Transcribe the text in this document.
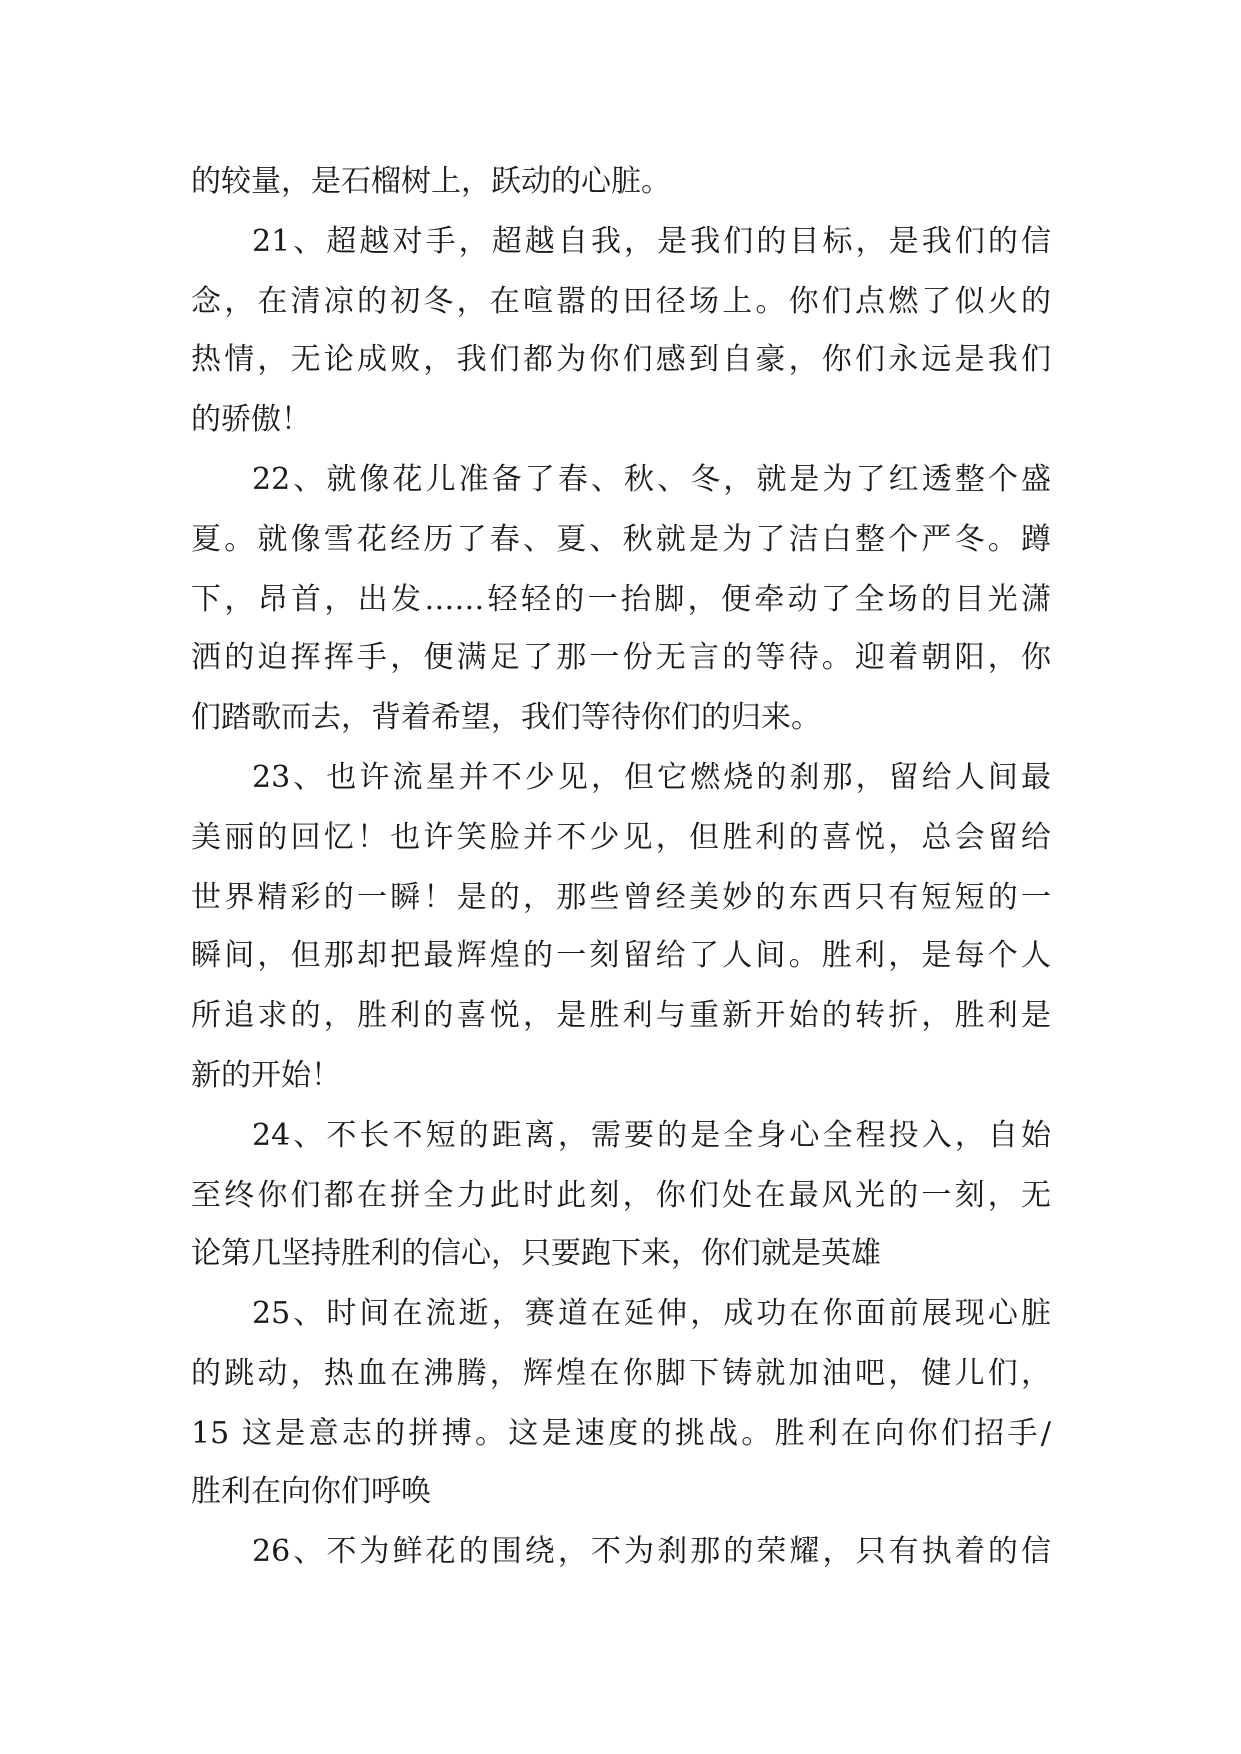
的较量，是石榴树上，跃动的心脏。
21、超越对手，超越自我，是我们的目标，是我们的信
念，在清凉的初冬，在喧嚣的田径场上。你们点燃了似火的
热情，无论成败，我们都为你们感到自豪，你们永远是我们
的骄傲！
22、就像花儿准备了春、秋、冬，就是为了红透整个盛
夏。就像雪花经历了春、夏、秋就是为了洁白整个严冬。蹲
下，昂首，出发……轻轻的一抬脚，便牵动了全场的目光潇
洒的迫挥挥手，便满足了那一份无言的等待。迎着朝阳，你
们踏歌而去，背着希望，我们等待你们的归来。
23、也许流星并不少见，但它燃烧的刹那，留给人间最
美丽的回忆！也许笑脸并不少见，但胜利的喜悦，总会留给
世界精彩的一瞬！是的，那些曾经美妙的东西只有短短的一
瞬间，但那却把最辉煌的一刻留给了人间。胜利，是每个人
所追求的，胜利的喜悦，是胜利与重新开始的转折，胜利是
新的开始！
24、不长不短的距离，需要的是全身心全程投入，自始
至终你们都在拼全力此时此刻，你们处在最风光的一刻，无
论第几坚持胜利的信心，只要跑下来，你们就是英雄
25、时间在流逝，赛道在延伸，成功在你面前展现心脏
的跳动，热血在沸腾，辉煌在你脚下铸就加油吧，健儿们，
15 这是意志的拼搏。这是速度的挑战。胜利在向你们招手/
胜利在向你们呼唤
26、不为鲜花的围绕，不为刹那的荣耀，只有执着的信
